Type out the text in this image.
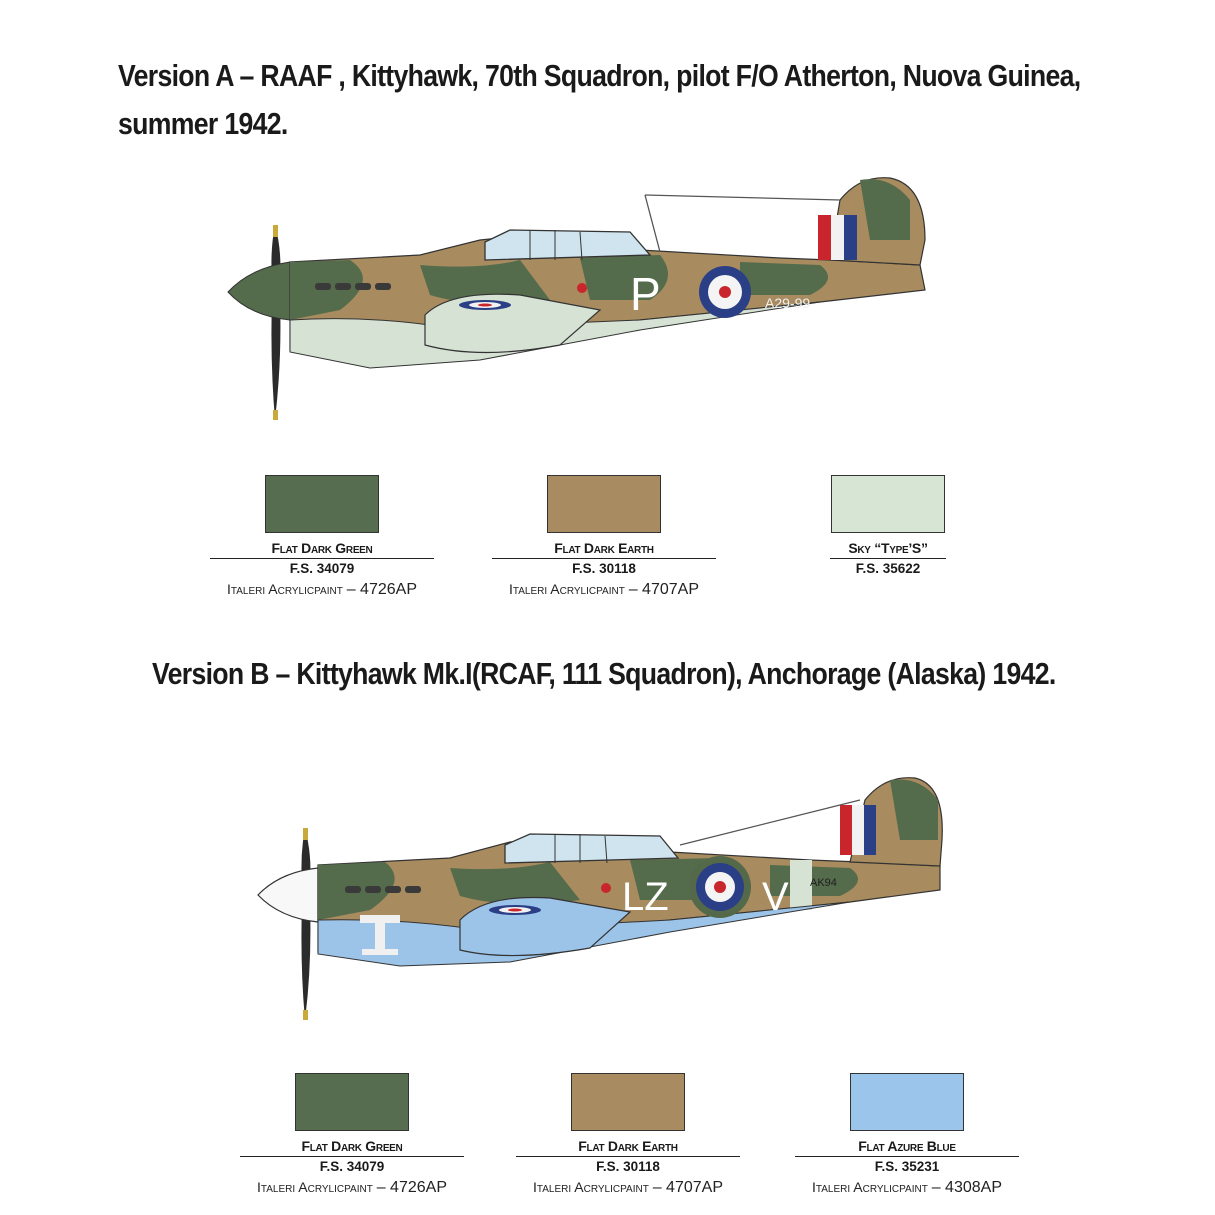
Version A – RAAF , Kittyhawk, 70th Squadron, pilot F/O Atherton, Nuova Guinea,
summer 1942.
P	A29-99
Flat Dark Green
F.S. 34079
Italeri Acrylicpaint – 4726AP
Flat Dark Earth
F.S. 30118
Italeri Acrylicpaint – 4707AP
Sky “Type’S”
F.S. 35622
Version B – Kittyhawk Mk.I(RCAF, 111 Squadron), Anchorage (Alaska) 1942.
LZ V AK94
Flat Dark Green
F.S. 34079
Italeri Acrylicpaint – 4726AP
Flat Dark Earth
F.S. 30118
Italeri Acrylicpaint – 4707AP
Flat Azure Blue
F.S. 35231
Italeri Acrylicpaint – 4308AP
